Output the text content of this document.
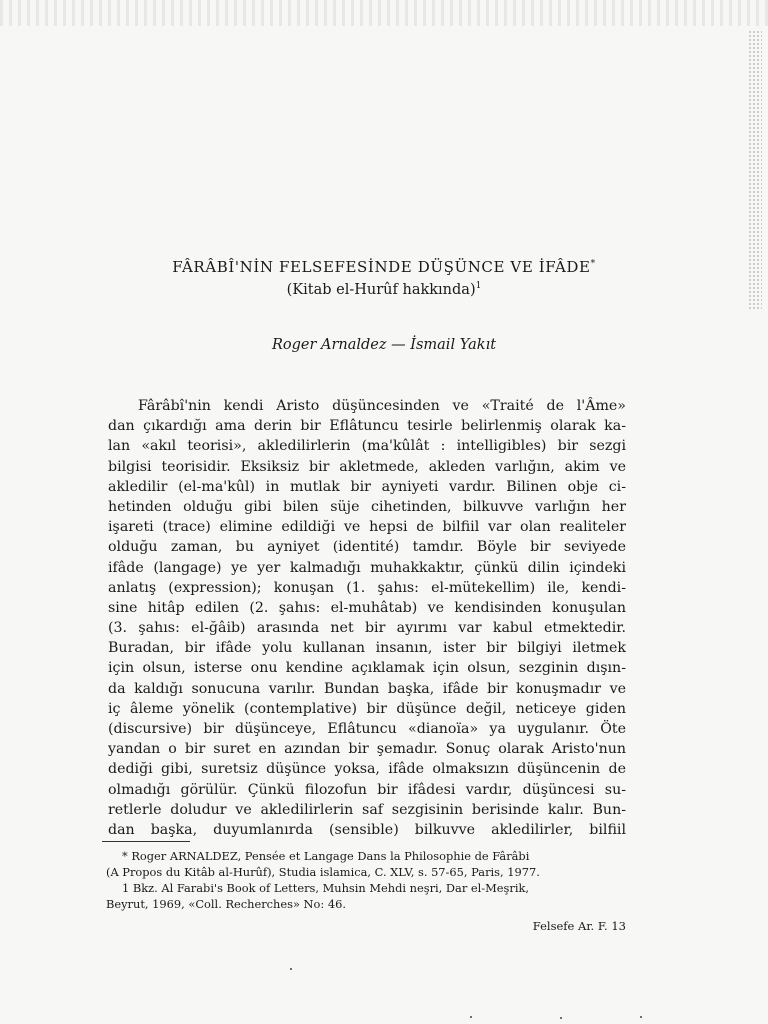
FÂRÂBÎ'NİN FELSEFESİNDE DÜŞÜNCE VE İFÂDE*
(Kitab el-Hurûf hakkında)$^1$
Roger Arnaldez — İsmail Yakıt
Fârâbî'nin kendi Aristo düşüncesinden ve «Traité de l'Âme»
dan çıkardığı ama derin bir Eflâtuncu tesirle belirlenmiş olarak ka-
lan «akıl teorisi», akledilirlerin (ma'kûlât : intelligibles) bir sezgi
bilgisi teorisidir. Eksiksiz bir akletmede, akleden varlığın, akim ve
akledilir (el-ma'kûl) in mutlak bir ayniyeti vardır. Bilinen obje ci-
hetinden olduğu gibi bilen süje cihetinden, bilkuvve varlığın her
işareti (trace) elimine edildiği ve hepsi de bilfiil var olan realiteler
olduğu zaman, bu ayniyet (identité) tamdır. Böyle bir seviyede
ifâde (langage) ye yer kalmadığı muhakkaktır, çünkü dilin içindeki
anlatış (expression); konuşan (1. şahıs: el-mütekellim) ile, kendi-
sine hitâp edilen (2. şahıs: el-muhâtab) ve kendisinden konuşulan
(3. şahıs: el-ğâib) arasında net bir ayırımı var kabul etmektedir.
Buradan, bir ifâde yolu kullanan insanın, ister bir bilgiyi iletmek
için olsun, isterse onu kendine açıklamak için olsun, sezginin dışın-
da kaldığı sonucuna varılır. Bundan başka, ifâde bir konuşmadır ve
iç âleme yönelik (contemplative) bir düşünce değil, neticeye giden
(discursive) bir düşünceye, Eflâtuncu «dianoïa» ya uygulanır. Öte
yandan o bir suret en azından bir şemadır. Sonuç olarak Aristo'nun
dediği gibi, suretsiz düşünce yoksa, ifâde olmaksızın düşüncenin de
olmadığı görülür. Çünkü filozofun bir ifâdesi vardır, düşüncesi su-
retlerle doludur ve akledilirlerin saf sezgisinin berisinde kalır. Bun-
dan başka, duyumlanırda (sensible) bilkuvve akledilirler, bilfiil
* Roger ARNALDEZ, Pensée et Langage Dans la Philosophie de Fârâbi
(A Propos du Kitâb al-Hurûf), Studia islamica, C. XLV, s. 57-65, Paris, 1977.
1 Bkz. Al Farabi's Book of Letters, Muhsin Mehdi neşri, Dar el-Meşrik,
Beyrut, 1969, «Coll. Recherches» No: 46.
Felsefe Ar. F. 13
